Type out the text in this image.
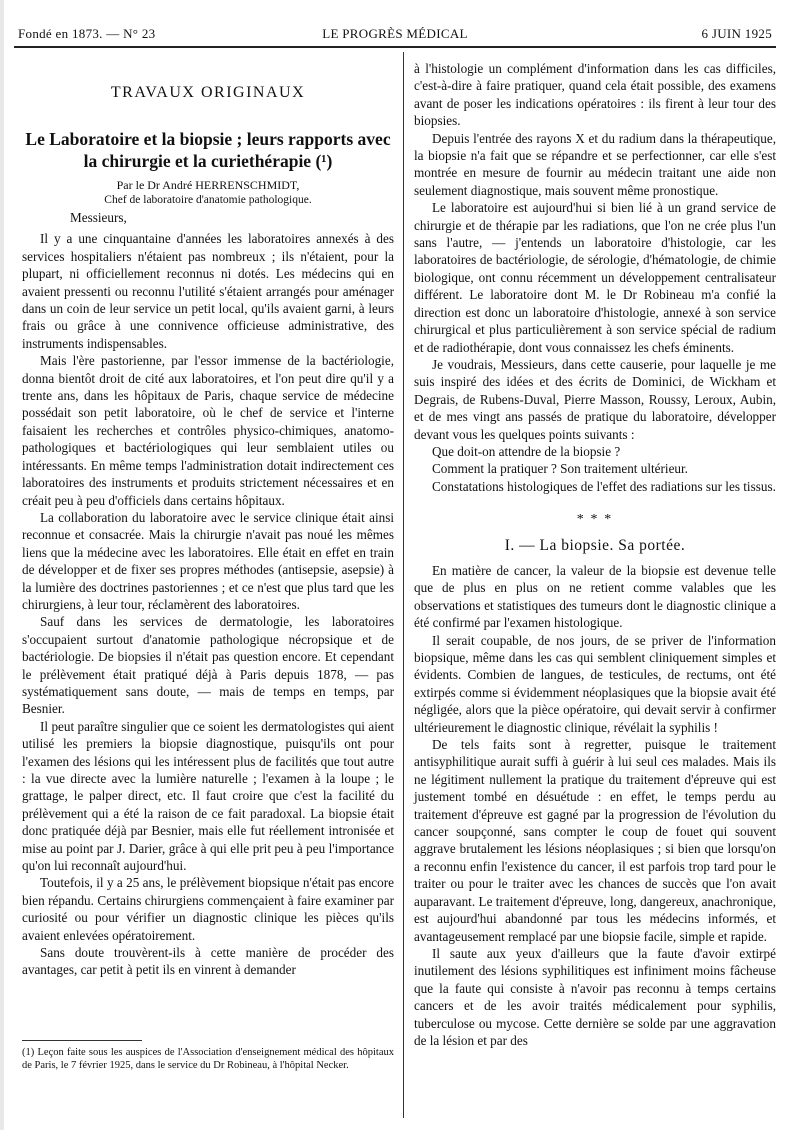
Fondé en 1873. — N° 23	LE PROGRÈS MÉDICAL	6 JUIN 1925
TRAVAUX ORIGINAUX

Le Laboratoire et la biopsie ; leurs rapports avec la chirurgie et la curiethérapie (¹)

Par le Dr André HERRENSCHMIDT,

Chef de laboratoire d'anatomie pathologique.

Messieurs,

Il y a une cinquantaine d'années les laboratoires annexés à des services hospitaliers n'étaient pas nombreux ; ils n'étaient, pour la plupart, ni officiellement reconnus ni dotés. Les médecins qui en avaient pressenti ou reconnu l'utilité s'étaient arrangés pour aménager dans un coin de leur service un petit local, qu'ils avaient garni, à leurs frais ou grâce à une connivence officieuse administrative, des instruments indispensables.

Mais l'ère pastorienne, par l'essor immense de la bactériologie, donna bientôt droit de cité aux laboratoires, et l'on peut dire qu'il y a trente ans, dans les hôpitaux de Paris, chaque service de médecine possédait son petit laboratoire, où le chef de service et l'interne faisaient les recherches et contrôles physico-chimiques, anatomo-pathologiques et bactériologiques qui leur semblaient utiles ou intéressants. En même temps l'administration dotait indirectement ces laboratoires des instruments et produits strictement nécessaires et en créait peu à peu d'officiels dans certains hôpitaux.

La collaboration du laboratoire avec le service clinique était ainsi reconnue et consacrée. Mais la chirurgie n'avait pas noué les mêmes liens que la médecine avec les laboratoires. Elle était en effet en train de développer et de fixer ses propres méthodes (antisepsie, asepsie) à la lumière des doctrines pastoriennes ; et ce n'est que plus tard que les chirurgiens, à leur tour, réclamèrent des laboratoires.

Sauf dans les services de dermatologie, les laboratoires s'occupaient surtout d'anatomie pathologique nécropsique et de bactériologie. De biopsies il n'était pas question encore. Et cependant le prélèvement était pratiqué déjà à Paris depuis 1878, — pas systématiquement sans doute, — mais de temps en temps, par Besnier.

Il peut paraître singulier que ce soient les dermatologistes qui aient utilisé les premiers la biopsie diagnostique, puisqu'ils ont pour l'examen des lésions qui les intéressent plus de facilités que tout autre : la vue directe avec la lumière naturelle ; l'examen à la loupe ; le grattage, le palper direct, etc. Il faut croire que c'est la facilité du prélèvement qui a été la raison de ce fait paradoxal. La biopsie était donc pratiquée déjà par Besnier, mais elle fut réellement intronisée et mise au point par J. Darier, grâce à qui elle prit peu à peu l'importance qu'on lui reconnaît aujourd'hui.

Toutefois, il y a 25 ans, le prélèvement biopsique n'était pas encore bien répandu. Certains chirurgiens commençaient à faire examiner par curiosité ou pour vérifier un diagnostic clinique les pièces qu'ils avaient enlevées opératoirement.

Sans doute trouvèrent-ils à cette manière de procéder des avantages, car petit à petit ils en vinrent à demander

(1) Leçon faite sous les auspices de l'Association d'enseignement médical des hôpitaux de Paris, le 7 février 1925, dans le service du Dr Robineau, à l'hôpital Necker.

à l'histologie un complément d'information dans les cas difficiles, c'est-à-dire à faire pratiquer, quand cela était possible, des examens avant de poser les indications opératoires : ils firent à leur tour des biopsies.

Depuis l'entrée des rayons X et du radium dans la thérapeutique, la biopsie n'a fait que se répandre et se perfectionner, car elle s'est montrée en mesure de fournir au médecin traitant une aide non seulement diagnostique, mais souvent même pronostique.

Le laboratoire est aujourd'hui si bien lié à un grand service de chirurgie et de thérapie par les radiations, que l'on ne crée plus l'un sans l'autre, — j'entends un laboratoire d'histologie, car les laboratoires de bactériologie, de sérologie, d'hématologie, de chimie biologique, ont connu récemment un développement centralisateur différent. Le laboratoire dont M. le Dr Robineau m'a confié la direction est donc un laboratoire d'histologie, annexé à son service chirurgical et plus particulièrement à son service spécial de radium et de radiothérapie, dont vous connaissez les chefs éminents.

Je voudrais, Messieurs, dans cette causerie, pour laquelle je me suis inspiré des idées et des écrits de Dominici, de Wickham et Degrais, de Rubens-Duval, Pierre Masson, Roussy, Leroux, Aubin, et de mes vingt ans passés de pratique du laboratoire, développer devant vous les quelques points suivants :

Que doit-on attendre de la biopsie ?

Comment la pratiquer ? Son traitement ultérieur.

Constatations histologiques de l'effet des radiations sur les tissus.

* * *

I. — La biopsie. Sa portée.

En matière de cancer, la valeur de la biopsie est devenue telle que de plus en plus on ne retient comme valables que les observations et statistiques des tumeurs dont le diagnostic clinique a été confirmé par l'examen histologique.

Il serait coupable, de nos jours, de se priver de l'information biopsique, même dans les cas qui semblent cliniquement simples et évidents. Combien de langues, de testicules, de rectums, ont été extirpés comme si évidemment néoplasiques que la biopsie avait été négligée, alors que la pièce opératoire, qui devait servir à confirmer ultérieurement le diagnostic clinique, révélait la syphilis !

De tels faits sont à regretter, puisque le traitement antisyphilitique aurait suffi à guérir à lui seul ces malades. Mais ils ne légitiment nullement la pratique du traitement d'épreuve qui est justement tombé en désuétude : en effet, le temps perdu au traitement d'épreuve est gagné par la progression de l'évolution du cancer soupçonné, sans compter le coup de fouet qui souvent aggrave brutalement les lésions néoplasiques ; si bien que lorsqu'on a reconnu enfin l'existence du cancer, il est parfois trop tard pour le traiter ou pour le traiter avec les chances de succès que l'on avait auparavant. Le traitement d'épreuve, long, dangereux, anachronique, est aujourd'hui abandonné par tous les médecins informés, et avantageusement remplacé par une biopsie facile, simple et rapide.

Il saute aux yeux d'ailleurs que la faute d'avoir extirpé inutilement des lésions syphilitiques est infiniment moins fâcheuse que la faute qui consiste à n'avoir pas reconnu à temps certains cancers et de les avoir traités médicalement pour syphilis, tuberculose ou mycose. Cette dernière se solde par une aggravation de la lésion et par des
